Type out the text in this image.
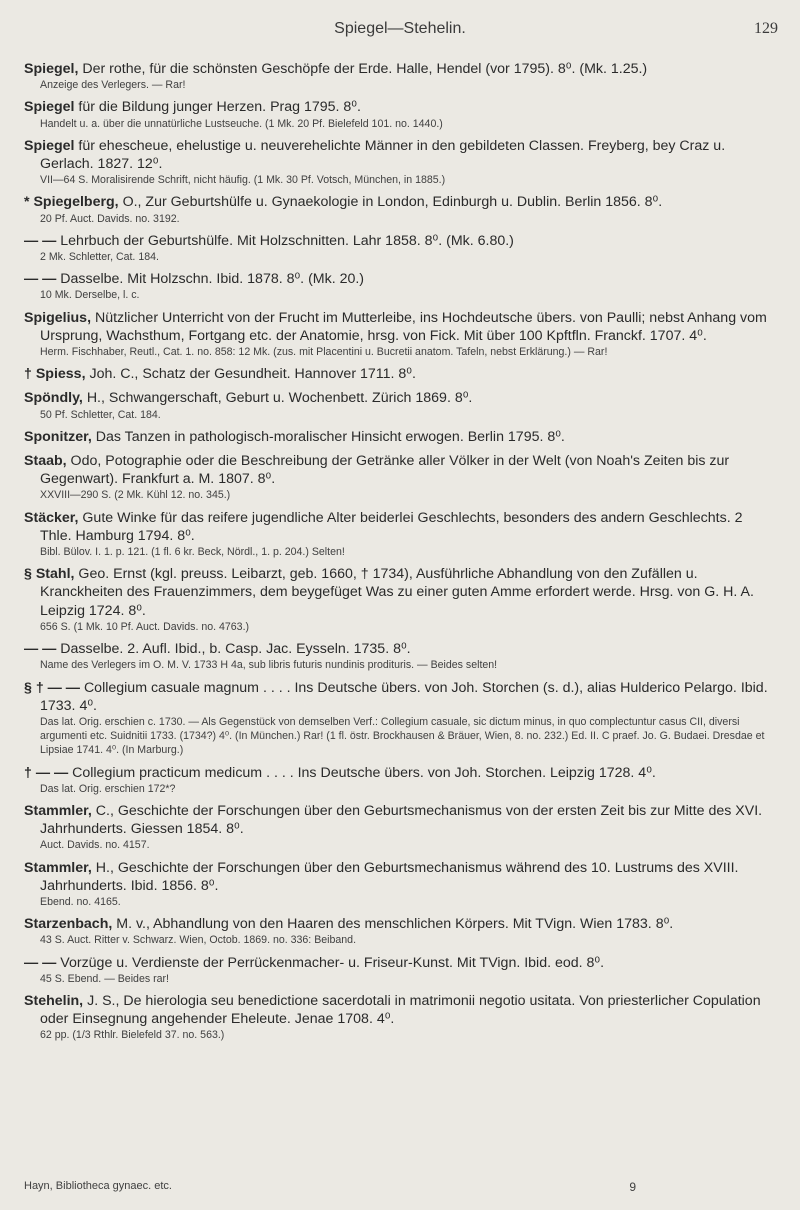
Spiegel—Stehelin.	129
Spiegel, Der rothe, für die schönsten Geschöpfe der Erde. Halle, Hendel (vor 1795). 8⁰. (Mk. 1.25.)
Anzeige des Verlegers. — Rar!
Spiegel für die Bildung junger Herzen. Prag 1795. 8⁰.
Handelt u. a. über die unnatürliche Lustseuche. (1 Mk. 20 Pf. Bielefeld 101. no. 1440.)
Spiegel für ehescheue, ehelustige u. neuverehelichte Männer in den gebildeten Classen. Freyberg, bey Craz u. Gerlach. 1827. 12⁰.
VII—64 S. Moralisirende Schrift, nicht häufig. (1 Mk. 30 Pf. Votsch, München, in 1885.)
* Spiegelberg, O., Zur Geburtshülfe u. Gynaekologie in London, Edinburgh u. Dublin. Berlin 1856. 8⁰.
20 Pf. Auct. Davids. no. 3192.
— — Lehrbuch der Geburtshülfe. Mit Holzschnitten. Lahr 1858. 8⁰. (Mk. 6.80.)
2 Mk. Schletter, Cat. 184.
— — Dasselbe. Mit Holzschn. Ibid. 1878. 8⁰. (Mk. 20.)
10 Mk. Derselbe, l. c.
Spigelius, Nützlicher Unterricht von der Frucht im Mutterleibe, ins Hochdeutsche übers. von Paulli; nebst Anhang vom Ursprung, Wachsthum, Fortgang etc. der Anatomie, hrsg. von Fick. Mit über 100 Kpftfln. Franckf. 1707. 4⁰.
Herm. Fischhaber, Reutl., Cat. 1. no. 858: 12 Mk. (zus. mit Placentini u. Bucretii anatom. Tafeln, nebst Erklärung.) — Rar!
† Spiess, Joh. C., Schatz der Gesundheit. Hannover 1711. 8⁰.
Spöndly, H., Schwangerschaft, Geburt u. Wochenbett. Zürich 1869. 8⁰.
50 Pf. Schletter, Cat. 184.
Sponitzer, Das Tanzen in pathologisch-moralischer Hinsicht erwogen. Berlin 1795. 8⁰.
Staab, Odo, Potographie oder die Beschreibung der Getränke aller Völker in der Welt (von Noah's Zeiten bis zur Gegenwart). Frankfurt a. M. 1807. 8⁰.
XXVIII—290 S. (2 Mk. Kühl 12. no. 345.)
Stäcker, Gute Winke für das reifere jugendliche Alter beiderlei Geschlechts, besonders des andern Geschlechts. 2 Thle. Hamburg 1794. 8⁰.
Bibl. Bülov. I. 1. p. 121. (1 fl. 6 kr. Beck, Nördl., 1. p. 204.) Selten!
§ Stahl, Geo. Ernst (kgl. preuss. Leibarzt, geb. 1660, † 1734), Ausführliche Abhandlung von den Zufällen u. Kranckheiten des Frauenzimmers, dem beygefüget Was zu einer guten Amme erfordert werde. Hrsg. von G. H. A. Leipzig 1724. 8⁰.
656 S. (1 Mk. 10 Pf. Auct. Davids. no. 4763.)
— — Dasselbe. 2. Aufl. Ibid., b. Casp. Jac. Eysseln. 1735. 8⁰.
Name des Verlegers im O. M. V. 1733 H 4a, sub libris futuris nundinis prodituris. — Beides selten!
§ † — — Collegium casuale magnum . . . . Ins Deutsche übers. von Joh. Storchen (s. d.), alias Hulderico Pelargo. Ibid. 1733. 4⁰.
Das lat. Orig. erschien c. 1730. — Als Gegenstück von demselben Verf.: Collegium casuale, sic dictum minus, in quo complectuntur casus CII, diversi argumenti etc. Suidnitii 1733. (1734?) 4⁰. (In München.) Rar! (1 fl. östr. Brockhausen & Bräuer, Wien, 8. no. 232.) Ed. II. C praef. Jo. G. Budaei. Dresdae et Lipsiae 1741. 4⁰. (In Marburg.)
† — — Collegium practicum medicum . . . . Ins Deutsche übers. von Joh. Storchen. Leipzig 1728. 4⁰.
Das lat. Orig. erschien 172*?
Stammler, C., Geschichte der Forschungen über den Geburtsmechanismus von der ersten Zeit bis zur Mitte des XVI. Jahrhunderts. Giessen 1854. 8⁰.
Auct. Davids. no. 4157.
Stammler, H., Geschichte der Forschungen über den Geburtsmechanismus während des 10. Lustrums des XVIII. Jahrhunderts. Ibid. 1856. 8⁰.
Ebend. no. 4165.
Starzenbach, M. v., Abhandlung von den Haaren des menschlichen Körpers. Mit TVign. Wien 1783. 8⁰.
43 S. Auct. Ritter v. Schwarz. Wien, Octob. 1869. no. 336: Beiband.
— — Vorzüge u. Verdienste der Perrückenmacher- u. Friseur-Kunst. Mit TVign. Ibid. eod. 8⁰.
45 S. Ebend. — Beides rar!
Stehelin, J. S., De hierologia seu benedictione sacerdotali in matrimonii negotio usitata. Von priesterlicher Copulation oder Einsegnung angehender Eheleute. Jenae 1708. 4⁰.
62 pp. (1/3 Rthlr. Bielefeld 37. no. 563.)
Hayn, Bibliotheca gynaec. etc.	9
